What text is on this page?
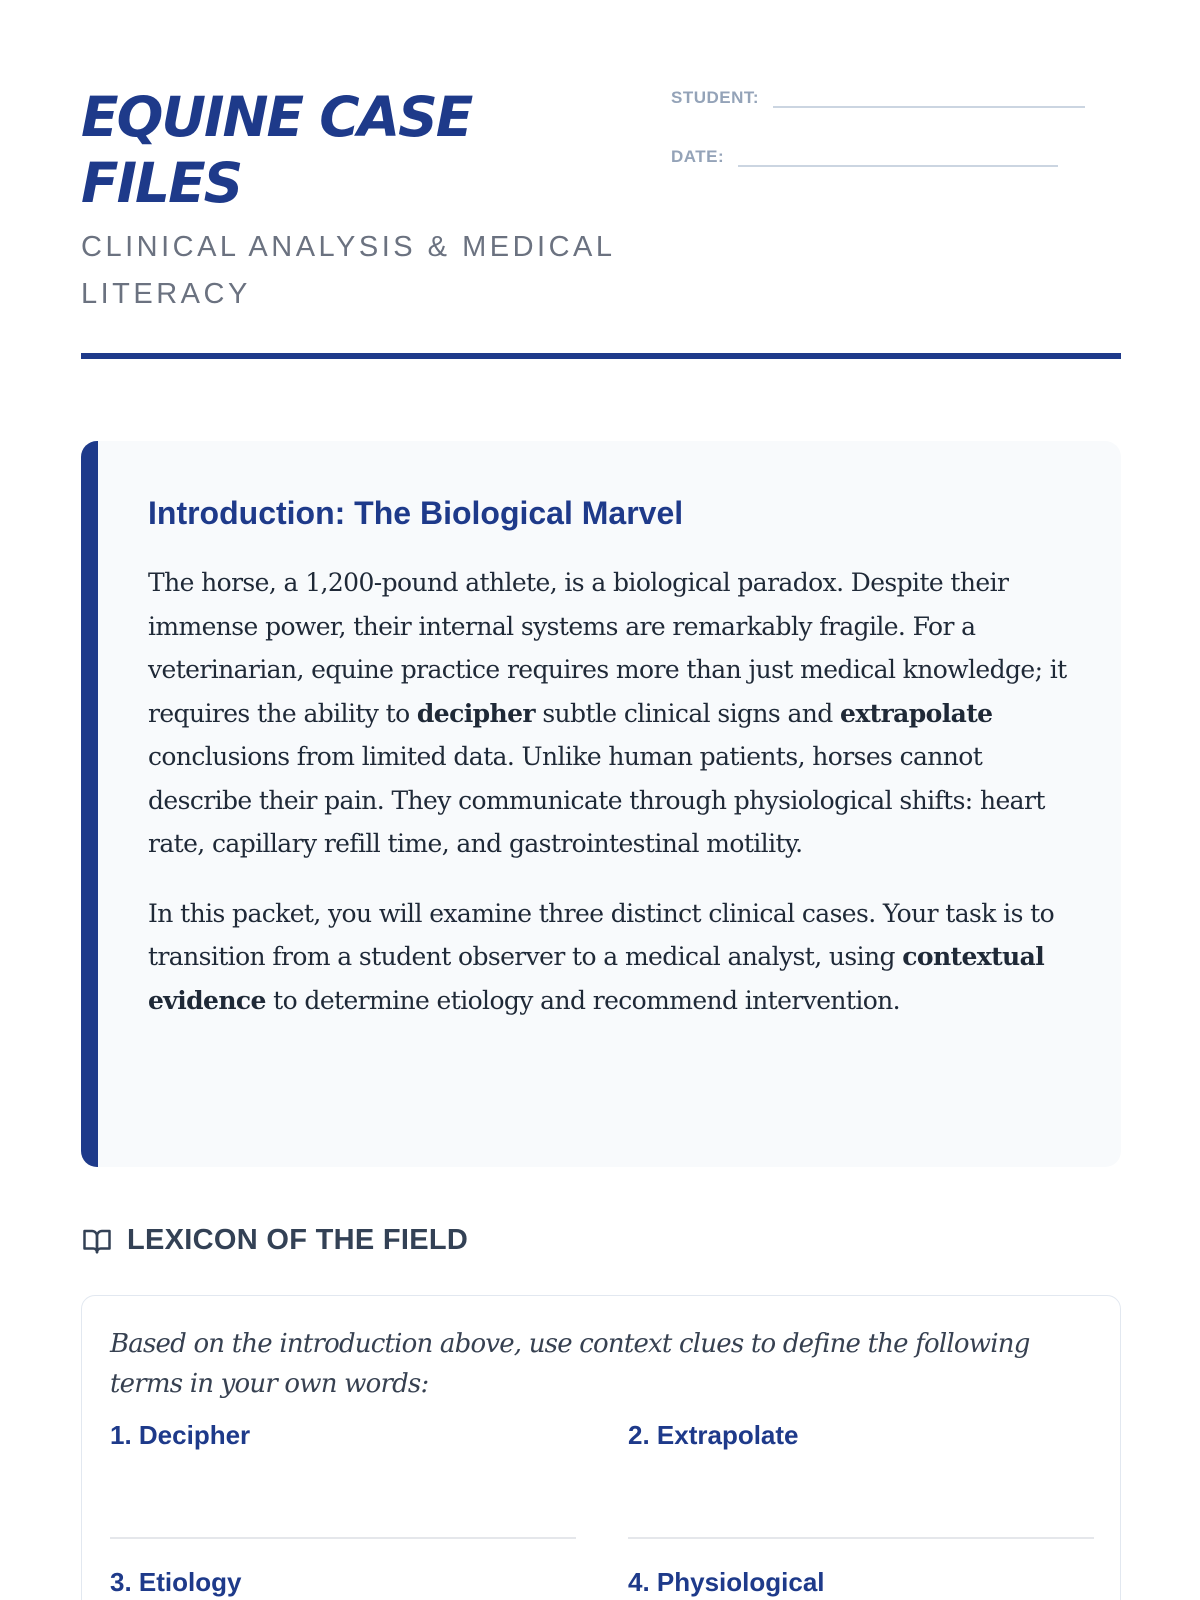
EQUINE CASE FILES
CLINICAL ANALYSIS & MEDICAL LITERACY
STUDENT:
DATE:
Introduction: The Biological Marvel

The horse, a 1,200-pound athlete, is a biological paradox. Despite their immense power, their internal systems are remarkably fragile. For a veterinarian, equine practice requires more than just medical knowledge; it requires the ability to decipher subtle clinical signs and extrapolate conclusions from limited data. Unlike human patients, horses cannot describe their pain. They communicate through physiological shifts: heart rate, capillary refill time, and gastrointestinal motility.

In this packet, you will examine three distinct clinical cases. Your task is to transition from a student observer to a medical analyst, using contextual evidence to determine etiology and recommend intervention.

LEXICON OF THE FIELD
Based on the introduction above, use context clues to define the following terms in your own words:
1. Decipher	2. Extrapolate
3. Etiology	4. Physiological
